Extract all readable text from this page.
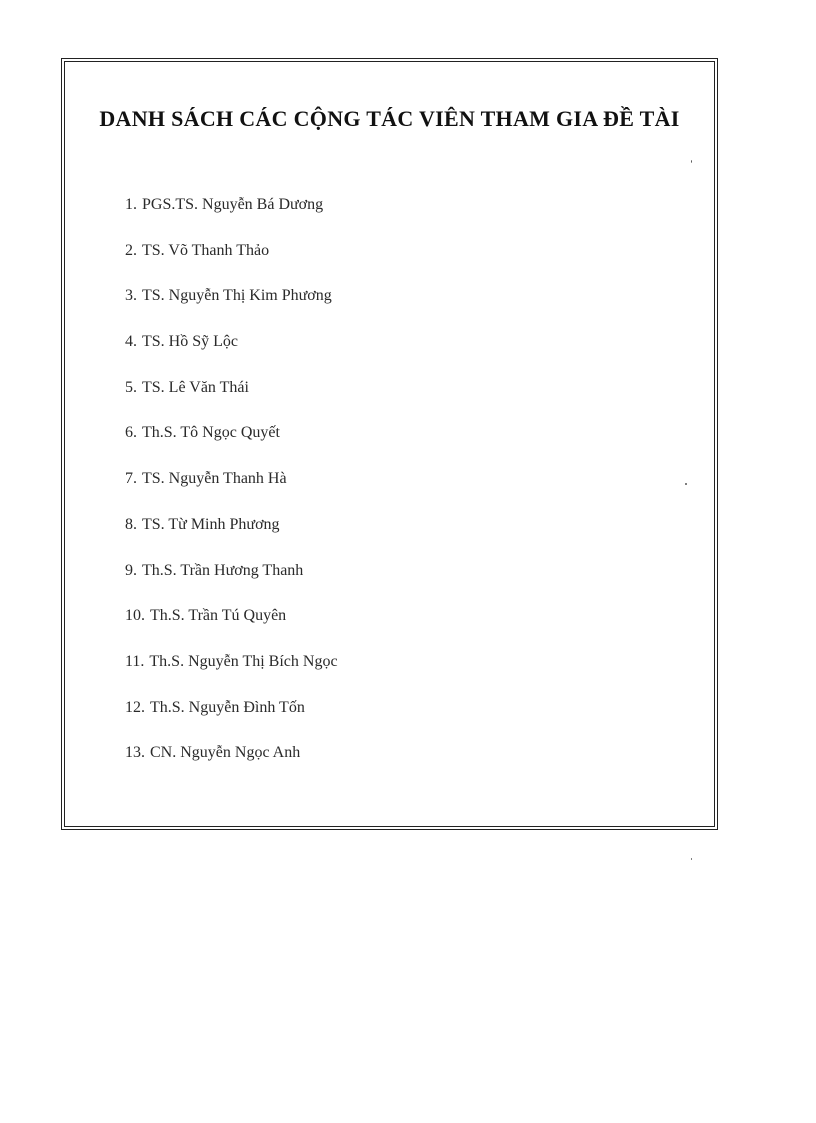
DANH SÁCH CÁC CỘNG TÁC VIÊN THAM GIA ĐỀ TÀI
1. PGS.TS. Nguyễn Bá Dương
2. TS. Võ Thanh Thảo
3. TS. Nguyễn Thị Kim Phương
4. TS. Hồ Sỹ Lộc
5. TS. Lê Văn Thái
6. Th.S. Tô Ngọc Quyết
7. TS. Nguyễn Thanh Hà
8. TS. Từ Minh Phương
9. Th.S. Trần Hương Thanh
10. Th.S. Trần Tú Quyên
11. Th.S. Nguyễn Thị Bích Ngọc
12. Th.S. Nguyễn Đình Tốn
13. CN. Nguyễn Ngọc Anh
